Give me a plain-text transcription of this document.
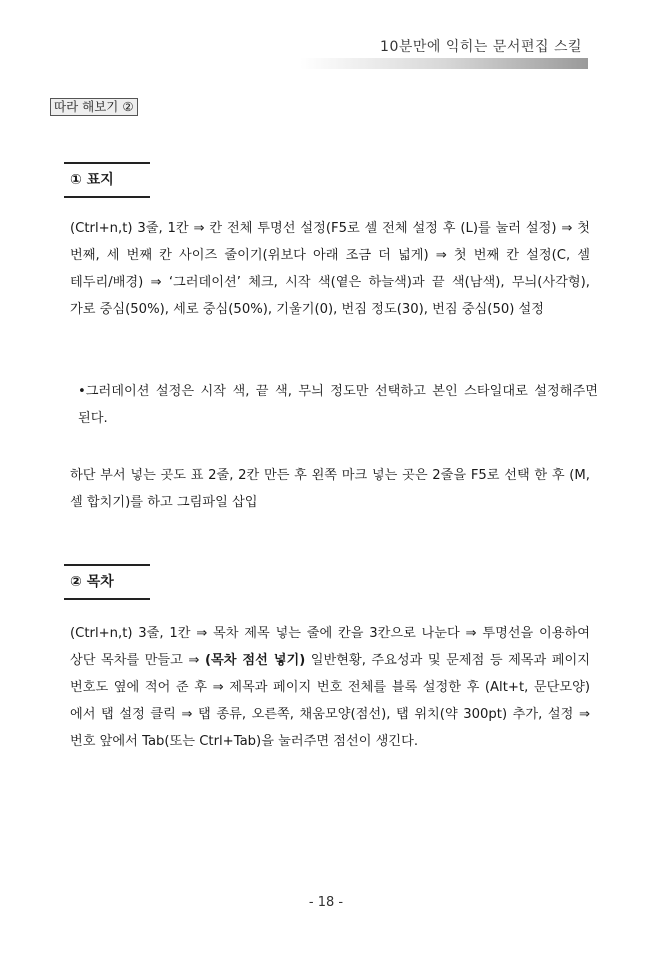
10분만에 익히는 문서편집 스킬
따라 해보기 ②
① 표지
(Ctrl+n,t) 3줄, 1칸 ⇒ 칸 전체 투명선 설정(F5로 셀 전체 설정 후 (L)를 눌러 설정) ⇒ 첫 번째, 세 번째 칸 사이즈 줄이기(위보다 아래 조금 더 넓게) ⇒ 첫 번째 칸 설정(C, 셀 테두리/배경) ⇒ ‘그러데이션’ 체크, 시작 색(옅은 하늘색)과 끝 색(남색), 무늬(사각형), 가로 중심(50%), 세로 중심(50%), 기울기(0), 번짐 정도(30), 번짐 중심(50) 설정
•그러데이션 설정은 시작 색, 끝 색, 무늬 정도만 선택하고 본인 스타일대로 설정해주면 된다.
하단 부서 넣는 곳도 표 2줄, 2칸 만든 후 왼쪽 마크 넣는 곳은 2줄을 F5로 선택 한 후 (M, 셀 합치기)를 하고 그림파일 삽입
② 목차
(Ctrl+n,t) 3줄, 1칸 ⇒ 목차 제목 넣는 줄에 칸을 3칸으로 나눈다 ⇒ 투명선을 이용하여 상단 목차를 만들고 ⇒ (목차 점선 넣기) 일반현황, 주요성과 및 문제점 등 제목과 페이지 번호도 옆에 적어 준 후 ⇒ 제목과 페이지 번호 전체를 블록 설정한 후 (Alt+t, 문단모양)에서 탭 설정 클릭 ⇒ 탭 종류, 오른쪽, 채움모양(점선), 탭 위치(약 300pt) 추가, 설정 ⇒ 번호 앞에서 Tab(또는 Ctrl+Tab)을 눌러주면 점선이 생긴다.
- 18 -
